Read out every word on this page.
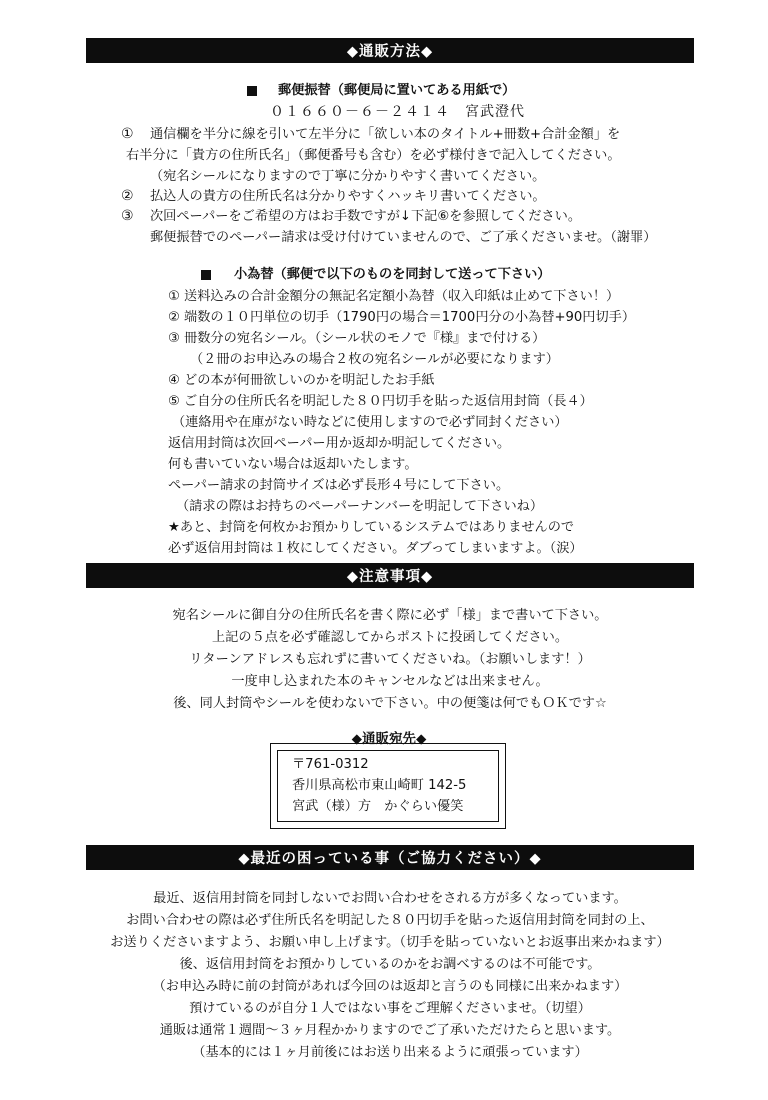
◆通販方法◆
郵便振替（郵便局に置いてある用紙で）
０１６６０－６－２４１４　宮武澄代
① 通信欄を半分に線を引いて左半分に「欲しい本のタイトル+冊数+合計金額」を
右半分に「貴方の住所氏名」（郵便番号も含む）を必ず様付きで記入してください。
（宛名シールになりますので丁寧に分かりやすく書いてください。
② 払込人の貴方の住所氏名は分かりやすくハッキリ書いてください。
③ 次回ペーパーをご希望の方はお手数ですが↓下記⑥を参照してください。
郵便振替でのペーパー請求は受け付けていませんので、ご了承くださいませ。（謝罪）
小為替（郵便で以下のものを同封して送って下さい）
① 送料込みの合計金額分の無記名定額小為替（収入印紙は止めて下さい！）
② 端数の１０円単位の切手（1790円の場合＝1700円分の小為替+90円切手）
③ 冊数分の宛名シール。（シール状のモノで『様』まで付ける）
（２冊のお申込みの場合２枚の宛名シールが必要になります）
④ どの本が何冊欲しいのかを明記したお手紙
⑤ ご自分の住所氏名を明記した８０円切手を貼った返信用封筒（長４）
（連絡用や在庫がない時などに使用しますので必ず同封ください）
返信用封筒は次回ペーパー用か返却か明記してください。
何も書いていない場合は返却いたします。
ペーパー請求の封筒サイズは必ず長形４号にして下さい。
（請求の際はお持ちのペーパーナンバーを明記して下さいね）
★あと、封筒を何枚かお預かりしているシステムではありませんので
必ず返信用封筒は１枚にしてください。ダブってしまいますよ。（涙）
◆注意事項◆
宛名シールに御自分の住所氏名を書く際に必ず「様」まで書いて下さい。
上記の５点を必ず確認してからポストに投函してください。
リターンアドレスも忘れずに書いてくださいね。（お願いします！）
一度申し込まれた本のキャンセルなどは出来ません。
後、同人封筒やシールを使わないで下さい。中の便箋は何でもＯＫです☆
◆通販宛先◆
〒761-0312
香川県高松市東山崎町 142-5
宮武（様）方　かぐらい優笑
◆最近の困っている事（ご協力ください）◆
最近、返信用封筒を同封しないでお問い合わせをされる方が多くなっています。
お問い合わせの際は必ず住所氏名を明記した８０円切手を貼った返信用封筒を同封の上、
お送りくださいますよう、お願い申し上げます。（切手を貼っていないとお返事出来かねます）
後、返信用封筒をお預かりしているのかをお調べするのは不可能です。
（お申込み時に前の封筒があれば今回のは返却と言うのも同様に出来かねます）
預けているのが自分１人ではない事をご理解くださいませ。（切望）
通販は通常１週間～３ヶ月程かかりますのでご了承いただけたらと思います。
（基本的には１ヶ月前後にはお送り出来るように頑張っています）
